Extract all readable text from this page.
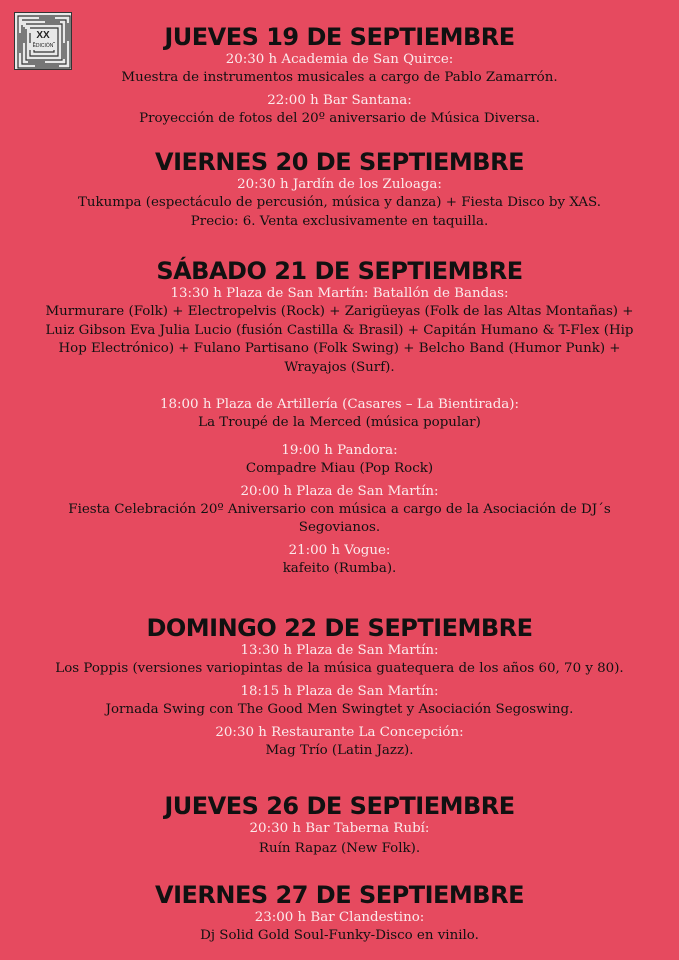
XX
EDICIÓN	JUEVES 19 DE SEPTIEMBRE

20:30 h Academia de San Quirce:
Muestra de instrumentos musicales a cargo de Pablo Zamarrón.

22:00 h Bar Santana:
Proyección de fotos del 20º aniversario de Música Diversa.

VIERNES 20 DE SEPTIEMBRE

20:30 h Jardín de los Zuloaga:
Tukumpa (espectáculo de percusión, música y danza) + Fiesta Disco by XAS.
Precio: 6. Venta exclusivamente en taquilla.

SÁBADO 21 DE SEPTIEMBRE

13:30 h Plaza de San Martín: Batallón de Bandas:
Murmurare (Folk) + Electropelvis (Rock) + Zarigüeyas (Folk de las Altas Montañas) +
Luiz Gibson Eva Julia Lucio (fusión Castilla & Brasil) + Capitán Humano & T-Flex (Hip
Hop Electrónico) + Fulano Partisano (Folk Swing) + Belcho Band (Humor Punk) +
Wrayajos (Surf).

18:00 h Plaza de Artillería (Casares – La Bientirada):
La Troupé de la Merced (música popular)

19:00 h Pandora:
Compadre Miau (Pop Rock)

20:00 h Plaza de San Martín:
Fiesta Celebración 20º Aniversario con música a cargo de la Asociación de DJ´s
Segovianos.

21:00 h Vogue:
kafeito (Rumba).

DOMINGO 22 DE SEPTIEMBRE

13:30 h Plaza de San Martín:
Los Poppis (versiones variopintas de la música guatequera de los años 60, 70 y 80).

18:15 h Plaza de San Martín:
Jornada Swing con The Good Men Swingtet y Asociación Segoswing.

20:30 h Restaurante La Concepción:
Mag Trío (Latin Jazz).

JUEVES 26 DE SEPTIEMBRE

20:30 h Bar Taberna Rubí:
Ruín Rapaz (New Folk).

VIERNES 27 DE SEPTIEMBRE

23:00 h Bar Clandestino:
Dj Solid Gold Soul-Funky-Disco en vinilo.
